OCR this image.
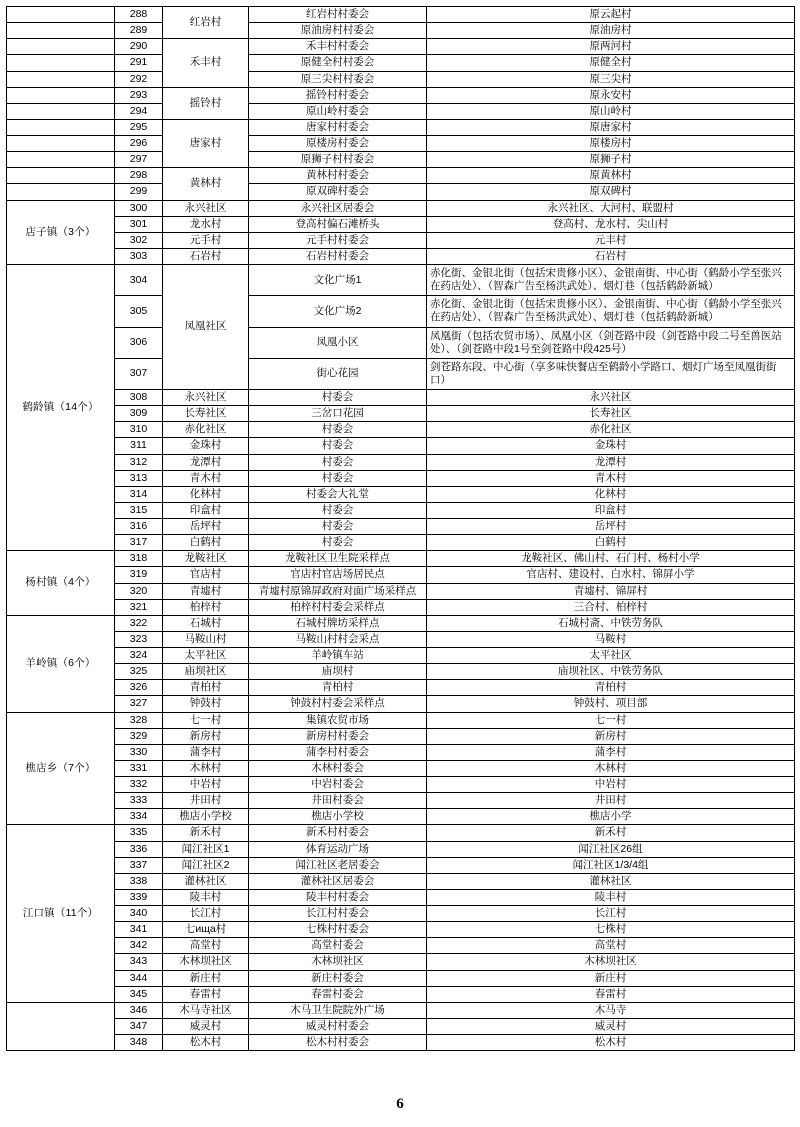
	288	红岩村	红岩村村委会	原云起村
	289		原油房村村委会	原油房村
	290	禾丰村	禾丰村村委会	原两河村
	291		原健全村村委会	原健全村
	292		原三尖村村委会	原三尖村
	293	摇铃村	摇铃村村委会	原永安村
	294		原山岭村委会	原山岭村
	295	唐家村	唐家村村委会	原唐家村
	296		原楼房村委会	原楼房村
	297		原狮子村村委会	原狮子村
	298	黄林村	黄林村村委会	原黄林村
	299		原双碑村委会	原双碑村
店子镇（3个）	300	永兴社区	永兴社区居委会	永兴社区、大河村、联盟村
	301	龙水村	登高村偏石滩桥头	登高村、龙水村、尖山村
	302	元手村	元手村村委会	元丰村
	303	石岩村	石岩村村委会	石岩村
鹤龄镇（14个）	304	凤凰社区	文化广场1	赤化街、金银北街（包括宋贵修小区）、金银南街、中心街（鹤龄小学至张兴在药店处）、（智森广告至杨洪武处）、烟灯巷（包括鹤龄新城）
	305		文化广场2	赤化街、金银北街（包括宋贵修小区）、金银南街、中心街（鹤龄小学至张兴在药店处）、（智森广告至杨洪武处）、烟灯巷（包括鹤龄新城）
	306		凤凰小区	凤凰街（包括农贸市场）、凤凰小区（剑苍路中段（剑苍路中段二号至兽医站处）、（剑苍路中段1号至剑苍路中段425号）
	307		街心花园	剑苍路东段、中心街（享多味快餐店至鹤龄小学路口、烟灯广场至凤凰街街口）
	308	永兴社区	村委会	永兴社区
	309	长寿社区	三岔口花园	长寿社区
	310	赤化社区	村委会	赤化社区
	311	金珠村	村委会	金珠村
	312	龙潭村	村委会	龙潭村
	313	青木村	村委会	青木村
	314	化林村	村委会大礼堂	化林村
	315	印盒村	村委会	印盒村
	316	岳坪村	村委会	岳坪村
	317	白鹤村	村委会	白鹤村
杨村镇（4个）	318	龙鞍社区	龙鞍社区卫生院采样点	龙鞍社区、佛山村、石门村、杨村小学
	319	官店村	官店村官店场居民点	官店村、建设村、白水村、锦屏小学
	320	青墟村	青墟村原锦屏政府对面广场采样点	青墟村、锦屏村
	321	柏梓村	柏梓村村委会采样点	三合村、柏梓村
羊岭镇（6个）	322	石城村	石城村牌坊采样点	石城村斋、中铁劳务队
	323	马鞍山村	马鞍山村村会采点	马鞍村
	324	太平社区	羊岭镇车站	太平社区
	325	庙坝社区	庙坝村	庙坝社区、中铁劳务队
	326	青柏村	青柏村	青柏村
	327	钟鼓村	钟鼓村村委会采样点	钟鼓村、项目部
樵店乡（7个）	328	七一村	集镇农贸市场	七一村
	329	新房村	新房村村委会	新房村
	330	蒲李村	蒲李村村委会	蒲李村
	331	木林村	木林村委会	木林村
	332	中岩村	中岩村委会	中岩村
	333	井田村	井田村委会	井田村
	334	樵店小学校	樵店小学校	樵店小学
江口镇（11个）	335	新禾村	新禾村村委会	新禾村
	336	闻江社区1	体育运动广场	闻江社区26组
	337	闻江社区2	闻江社区老居委会	闻江社区1/3/4组
	338	灌林社区	灌林社区居委会	灌林社区
	339	陵丰村	陵丰村村委会	陵丰村
	340	长江村	长江村村委会	长江村
	341	七ища村	七株村村委会	七株村
	342	高堂村	高堂村委会	高堂村
	343	木林坝社区	木林坝社区	木林坝社区
	344	新庄村	新庄村委会	新庄村
	345	春雷村	春雷村委会	春雷村
	346	木马寺社区	木马卫生院院外广场	木马寺
	347	威灵村	威灵村村委会	威灵村
	348	松木村	松木村村委会	松木村
6
